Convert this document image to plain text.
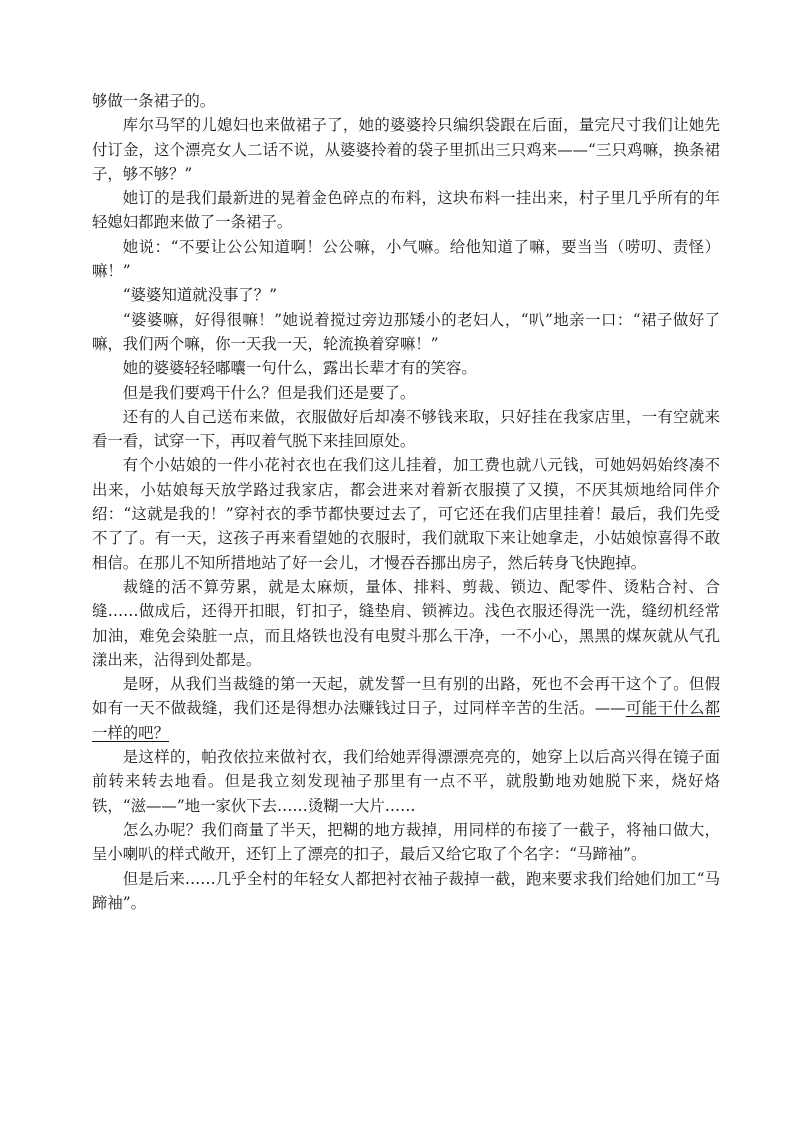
够做一条裙子的。

库尔马罕的儿媳妇也来做裙子了，她的婆婆拎只编织袋跟在后面，量完尺寸我们让她先付订金，这个漂亮女人二话不说，从婆婆拎着的袋子里抓出三只鸡来——“三只鸡嘛，换条裙子，够不够？”

她订的是我们最新进的晃着金色碎点的布料，这块布料一挂出来，村子里几乎所有的年轻媳妇都跑来做了一条裙子。

她说：“不要让公公知道啊！公公嘛，小气嘛。给他知道了嘛，要当当（唠叨、责怪）嘛！”

“婆婆知道就没事了？”

“婆婆嘛，好得很嘛！”她说着搅过旁边那矮小的老妇人，“叭”地亲一口：“裙子做好了嘛，我们两个嘛，你一天我一天，轮流换着穿嘛！”

她的婆婆轻轻嘟囔一句什么，露出长辈才有的笑容。

但是我们要鸡干什么？但是我们还是要了。

还有的人自己送布来做，衣服做好后却凑不够钱来取，只好挂在我家店里，一有空就来看一看，试穿一下，再叹着气脱下来挂回原处。

有个小姑娘的一件小花衬衣也在我们这儿挂着，加工费也就八元钱，可她妈妈始终凑不出来，小姑娘每天放学路过我家店，都会进来对着新衣服摸了又摸，不厌其烦地给同伴介绍：“这就是我的！”穿衬衣的季节都快要过去了，可它还在我们店里挂着！最后，我们先受不了了。有一天，这孩子再来看望她的衣服时，我们就取下来让她拿走，小姑娘惊喜得不敢相信。在那儿不知所措地站了好一会儿，才慢吞吞挪出房子，然后转身飞快跑掉。

裁缝的活不算劳累，就是太麻烦，量体、排料、剪裁、锁边、配零件、烫粘合衬、合缝……做成后，还得开扣眼，钉扣子，缝垫肩、锁裤边。浅色衣服还得洗一洗，缝纫机经常加油，难免会染脏一点，而且烙铁也没有电熨斗那么干净，一不小心，黑黑的煤灰就从气孔漾出来，沾得到处都是。

是呀，从我们当裁缝的第一天起，就发誓一旦有别的出路，死也不会再干这个了。但假如有一天不做裁缝，我们还是得想办法赚钱过日子，过同样辛苦的生活。——可能干什么都一样的吧？

是这样的，帕孜依拉来做衬衣，我们给她弄得漂漂亮亮的，她穿上以后高兴得在镜子面前转来转去地看。但是我立刻发现袖子那里有一点不平，就殷勤地劝她脱下来，烧好烙铁，“滋——”地一家伙下去……烫糊一大片……

怎么办呢？我们商量了半天，把糊的地方裁掉，用同样的布接了一截子，将袖口做大，呈小喇叭的样式敞开，还钉上了漂亮的扣子，最后又给它取了个名字：“马蹄袖”。

但是后来……几乎全村的年轻女人都把衬衣袖子裁掉一截，跑来要求我们给她们加工“马蹄袖”。
